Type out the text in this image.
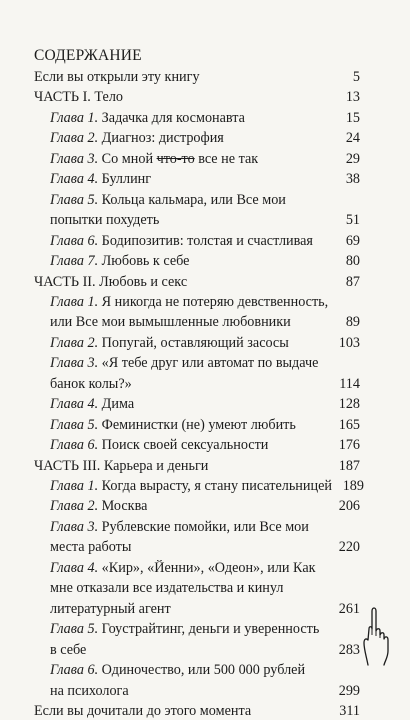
СОДЕРЖАНИЕ
Если вы открыли эту книгу	5
ЧАСТЬ I. Тело	13
Глава 1. Задачка для космонавта	15
Глава 2. Диагноз: дистрофия	24
Глава 3. Со мной что-то все не так	29
Глава 4. Буллинг	38
Глава 5. Кольца кальмара, или Все мои
попытки похудеть	51
Глава 6. Бодипозитив: толстая и счастливая	69
Глава 7. Любовь к себе	80
ЧАСТЬ II. Любовь и секс	87
Глава 1. Я никогда не потеряю девственность,
или Все мои вымышленные любовники	89
Глава 2. Попугай, оставляющий засосы	103
Глава 3. «Я тебе друг или автомат по выдаче
банок колы?»	114
Глава 4. Дима	128
Глава 5. Феминистки (не) умеют любить	165
Глава 6. Поиск своей сексуальности	176
ЧАСТЬ III. Карьера и деньги	187
Глава 1. Когда вырасту, я стану писательницей 189
Глава 2. Москва	206
Глава 3. Рублевские помойки, или Все мои
места работы	220
Глава 4. «Кир», «Йенни», «Одеон», или Как
мне отказали все издательства и кинул
литературный агент	261
Глава 5. Гоустрайтинг, деньги и уверенность
в себе	283
Глава 6. Одиночество, или 500 000 рублей
на психолога	299
Если вы дочитали до этого момента	311
